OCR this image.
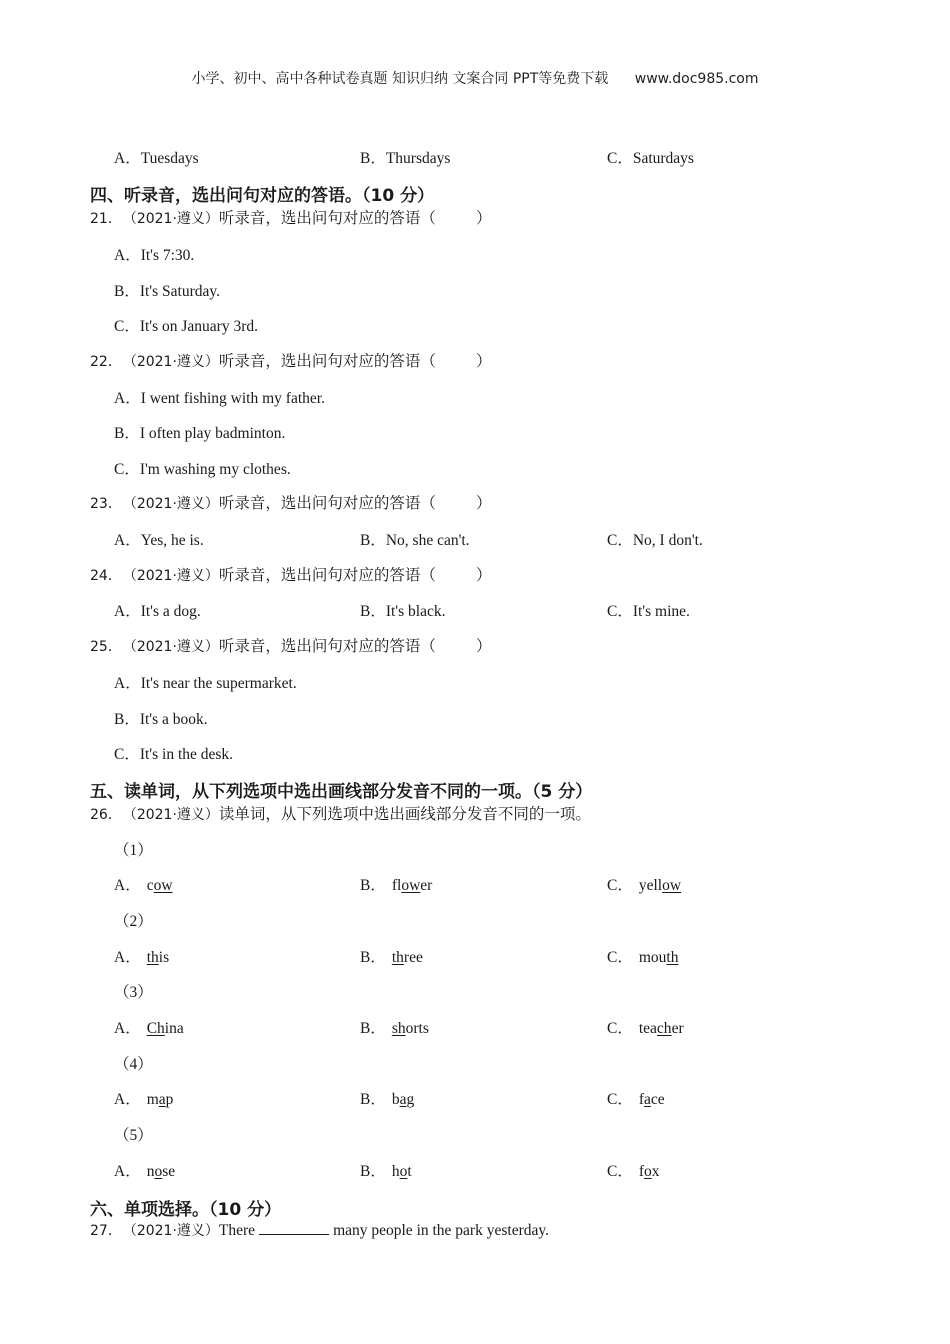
小学、初中、高中各种试卷真题 知识归纳 文案合同 PPT等免费下载 www.doc985.com
A．Tuesdays	B．Thursdays	C．Saturdays
四、听录音，选出问句对应的答语。（10 分）
21． （2021·遵义）听录音，选出问句对应的答语（	）
A．It's 7:30.
B．It's Saturday.
C．It's on January 3rd.
22． （2021·遵义）听录音，选出问句对应的答语（	）
A．I went fishing with my father.
B．I often play badminton.
C．I'm washing my clothes.
23． （2021·遵义）听录音，选出问句对应的答语（	）
A．Yes, he is.	B．No, she can't.	C．No, I don't.
24． （2021·遵义）听录音，选出问句对应的答语（	）
A．It's a dog.	B．It's black.	C．It's mine.
25． （2021·遵义）听录音，选出问句对应的答语（	）
A．It's near the supermarket.
B．It's a book.
C．It's in the desk.
五、读单词，从下列选项中选出画线部分发音不同的一项。（5 分）
26． （2021·遵义）读单词，从下列选项中选出画线部分发音不同的一项。
（1）
A． cow	B． flower	C． yellow
（2）
A． this	B． three	C． mouth
（3）
A． China	B． shorts	C． teacher
（4）
A． map	B． bag	C． face
（5）
A． nose	B． hot	C． fox
六、单项选择。（10 分）
27． （2021·遵义）There	many people in the park yesterday.
